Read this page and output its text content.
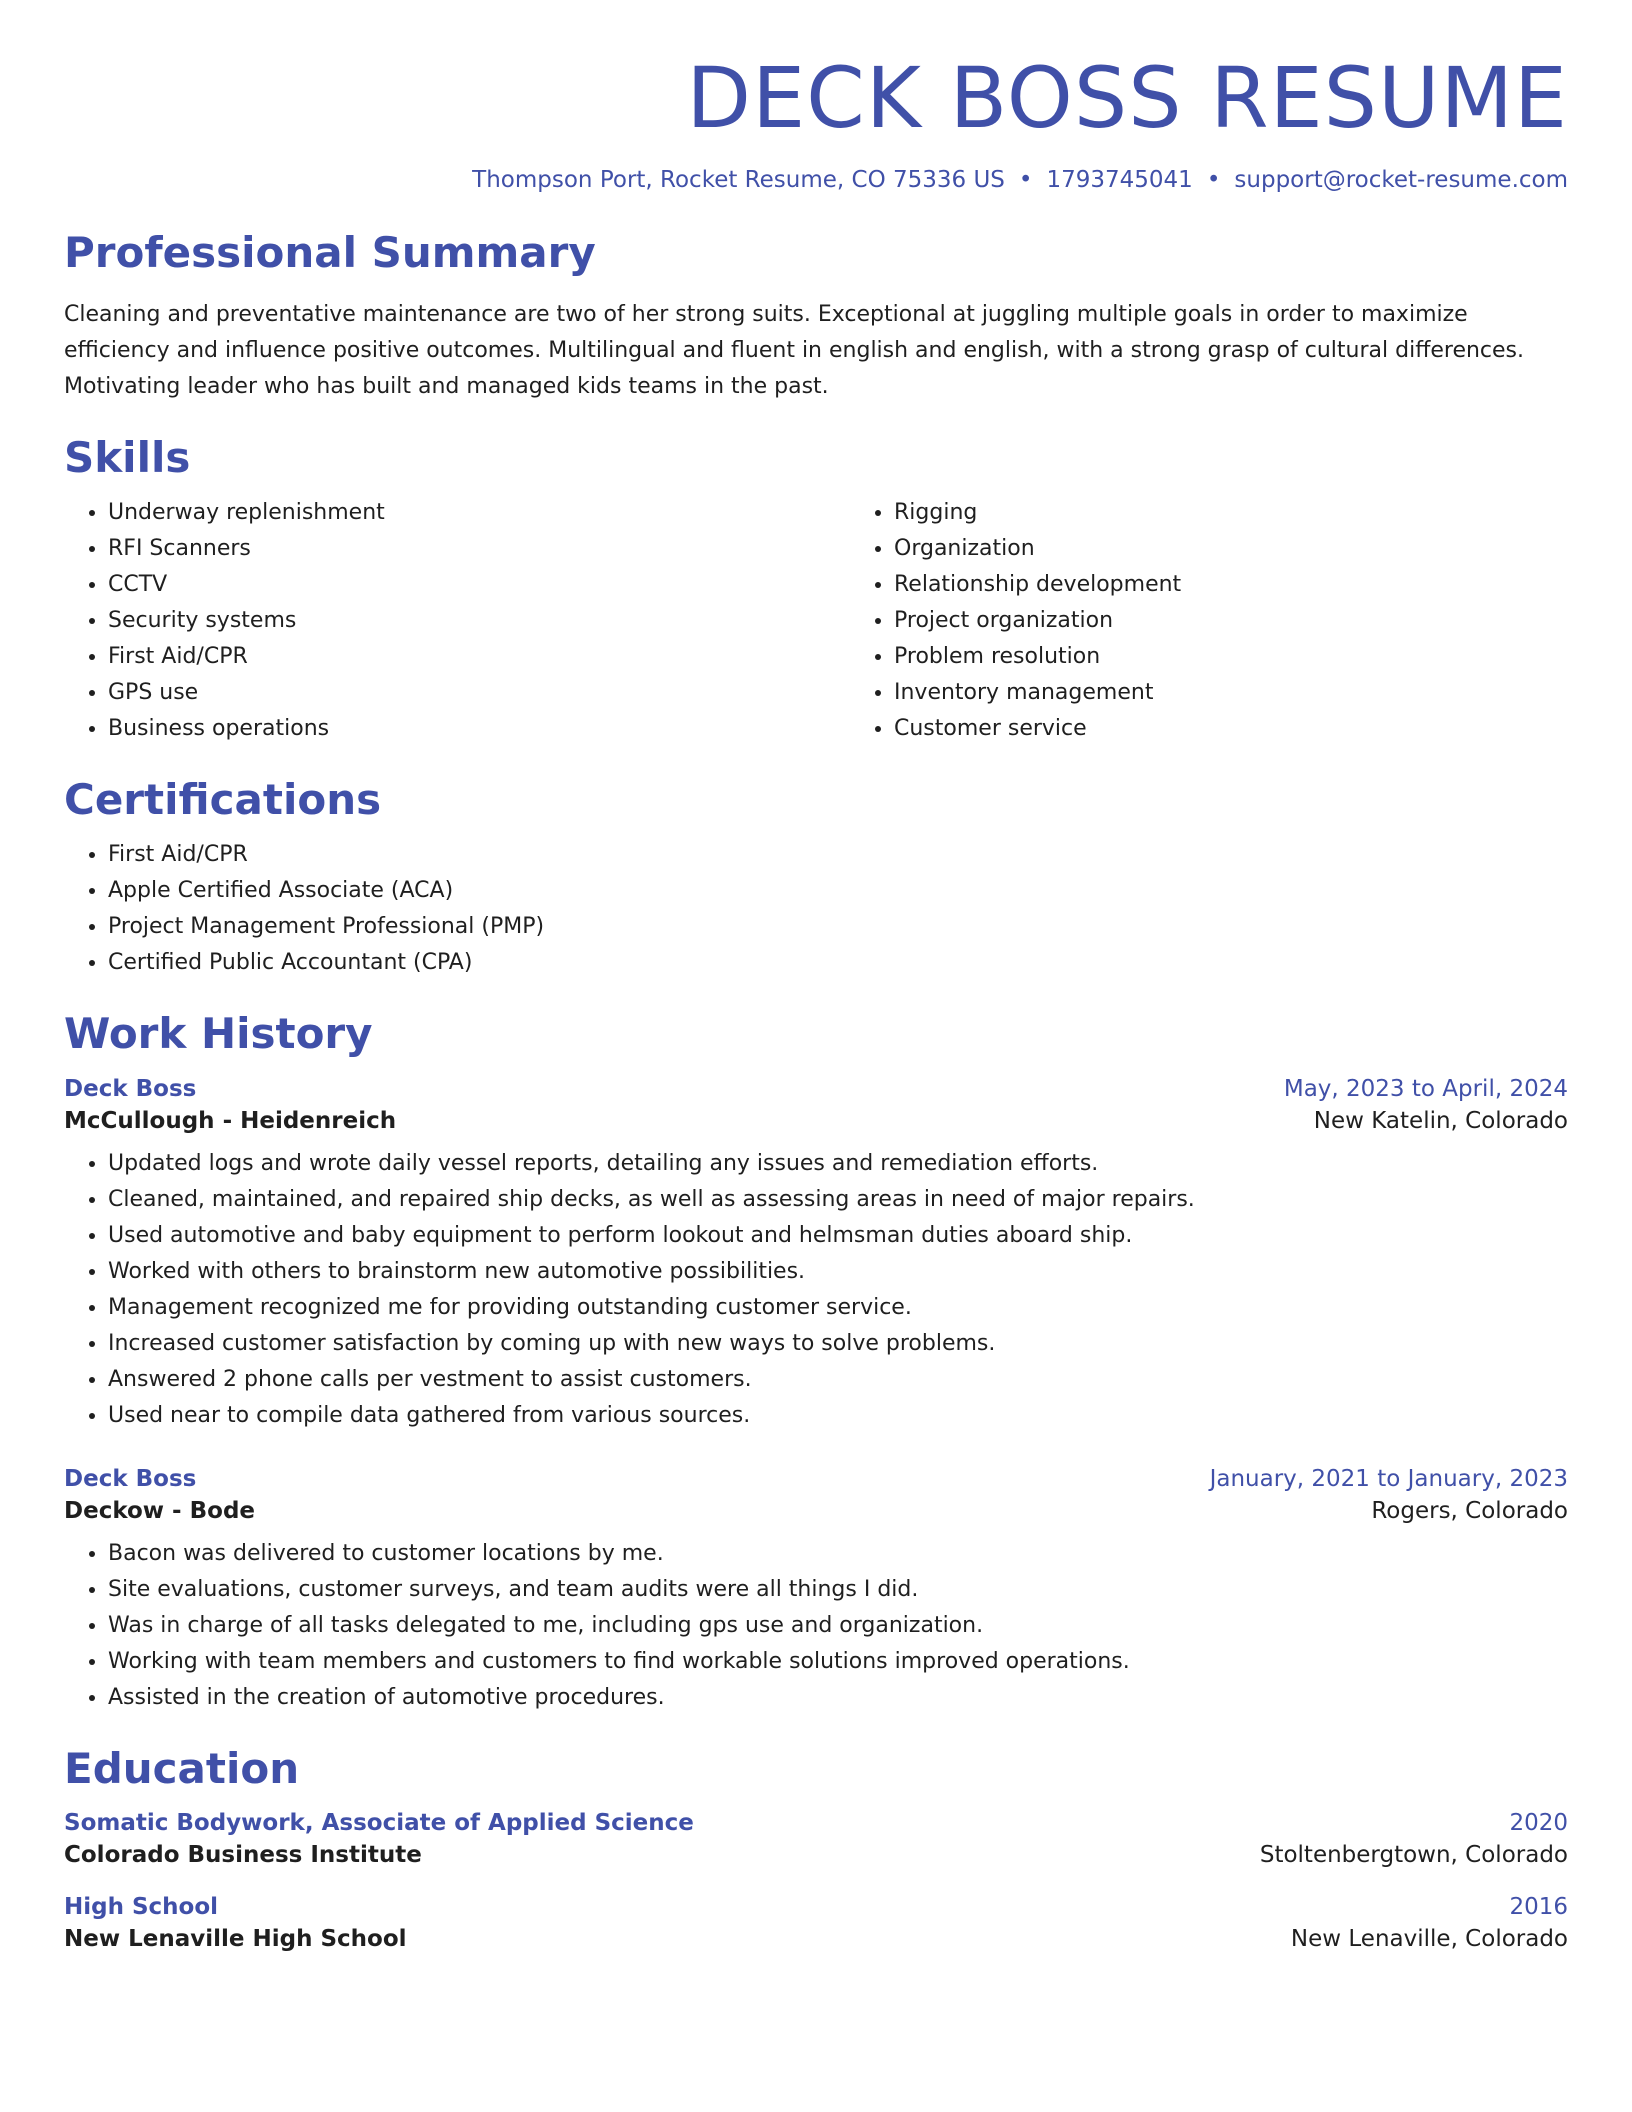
DECK BOSS RESUME
Thompson Port, Rocket Resume, CO 75336 US • 1793745041 • support@rocket-resume.com
Professional Summary
Cleaning and preventative maintenance are two of her strong suits. Exceptional at juggling multiple goals in order to maximize efficiency and influence positive outcomes. Multilingual and fluent in english and english, with a strong grasp of cultural differences. Motivating leader who has built and managed kids teams in the past.
Skills
• Underway replenishment
• RFI Scanners
• CCTV
• Security systems
• First Aid/CPR
• GPS use
• Business operations
• Rigging
• Organization
• Relationship development
• Project organization
• Problem resolution
• Inventory management
• Customer service
Certifications
• First Aid/CPR
• Apple Certified Associate (ACA)
• Project Management Professional (PMP)
• Certified Public Accountant (CPA)
Work History
Deck Boss	May, 2023 to April, 2024
McCullough - Heidenreich	New Katelin, Colorado
• Updated logs and wrote daily vessel reports, detailing any issues and remediation efforts.
• Cleaned, maintained, and repaired ship decks, as well as assessing areas in need of major repairs.
• Used automotive and baby equipment to perform lookout and helmsman duties aboard ship.
• Worked with others to brainstorm new automotive possibilities.
• Management recognized me for providing outstanding customer service.
• Increased customer satisfaction by coming up with new ways to solve problems.
• Answered 2 phone calls per vestment to assist customers.
• Used near to compile data gathered from various sources.
Deck Boss	January, 2021 to January, 2023
Deckow - Bode	Rogers, Colorado
• Bacon was delivered to customer locations by me.
• Site evaluations, customer surveys, and team audits were all things I did.
• Was in charge of all tasks delegated to me, including gps use and organization.
• Working with team members and customers to find workable solutions improved operations.
• Assisted in the creation of automotive procedures.
Education
Somatic Bodywork, Associate of Applied Science	2020
Colorado Business Institute	Stoltenbergtown, Colorado
High School	2016
New Lenaville High School	New Lenaville, Colorado
